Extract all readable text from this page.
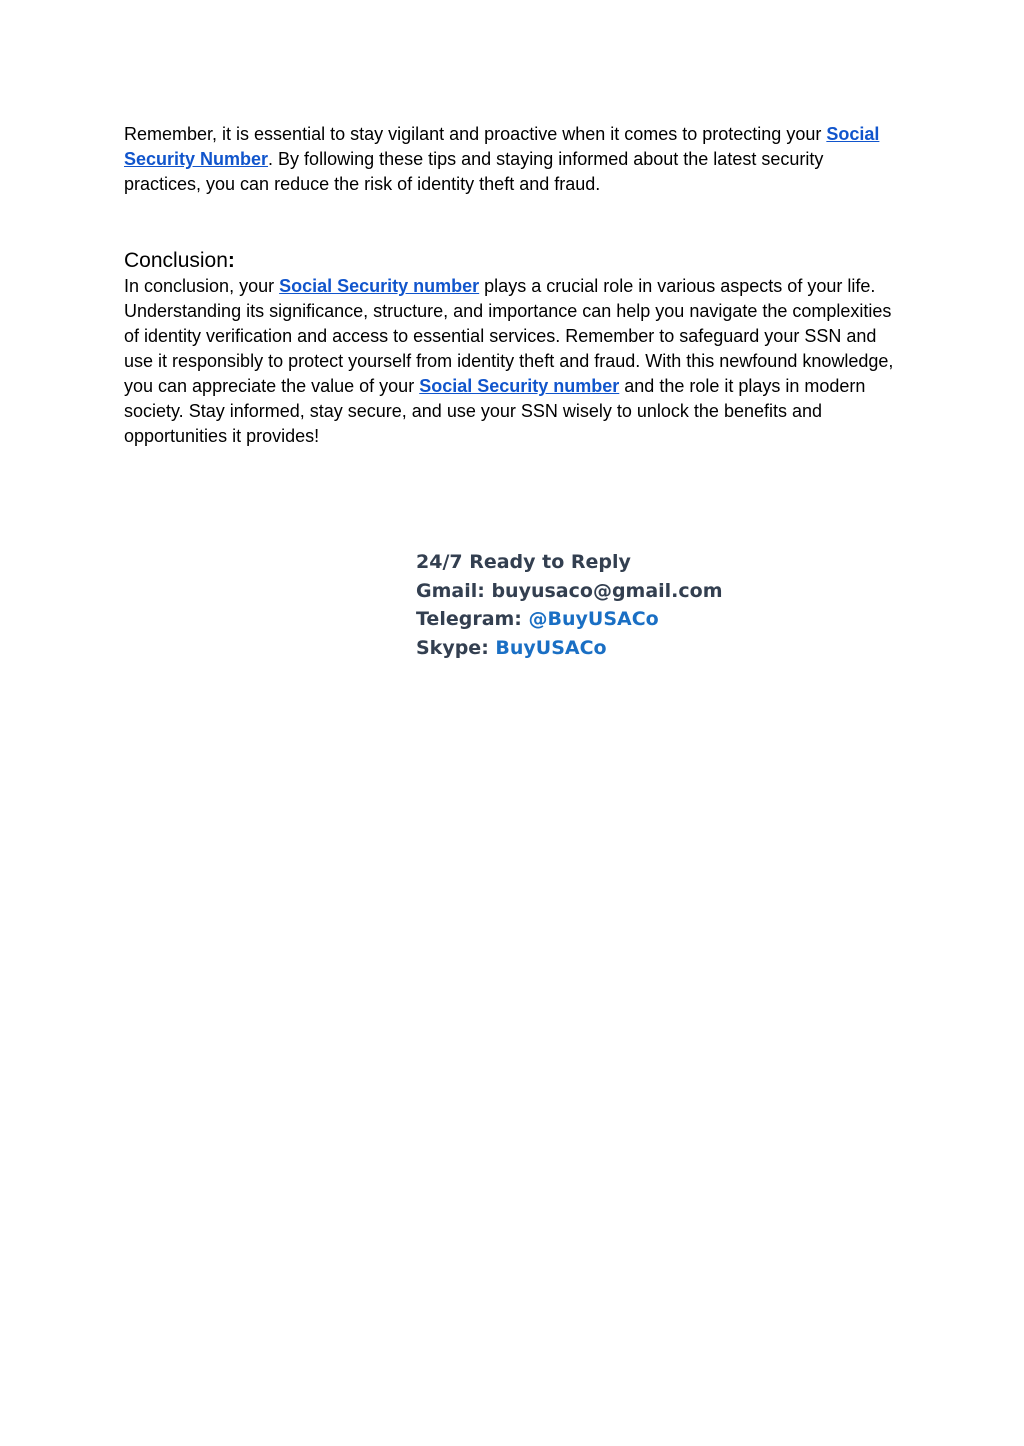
Remember, it is essential to stay vigilant and proactive when it comes to protecting your Social Security Number. By following these tips and staying informed about the latest security practices, you can reduce the risk of identity theft and fraud.

Conclusion:

In conclusion, your Social Security number plays a crucial role in various aspects of your life. Understanding its significance, structure, and importance can help you navigate the complexities of identity verification and access to essential services. Remember to safeguard your SSN and use it responsibly to protect yourself from identity theft and fraud. With this newfound knowledge, you can appreciate the value of your Social Security number and the role it plays in modern society. Stay informed, stay secure, and use your SSN wisely to unlock the benefits and opportunities it provides!

24/7 Ready to Reply
Gmail: buyusaco@gmail.com
Telegram: @BuyUSACo
Skype: BuyUSACo
